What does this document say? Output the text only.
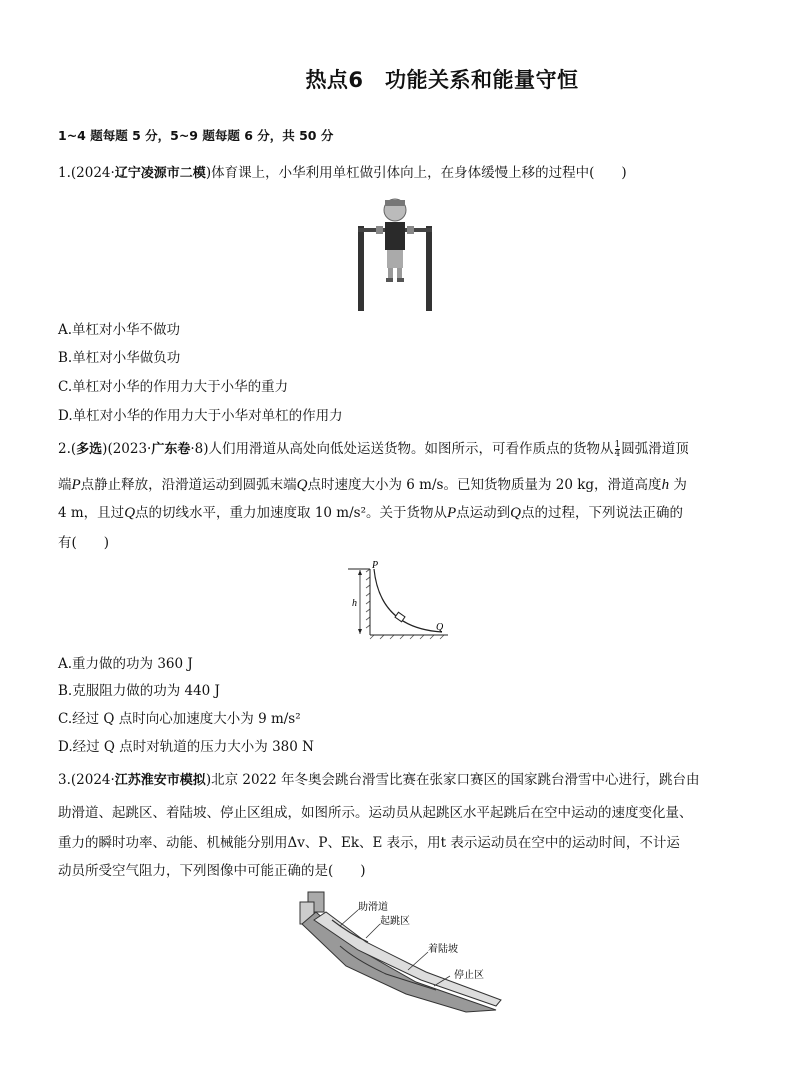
热点6　功能关系和能量守恒
1~4 题每题 5 分，5~9 题每题 6 分，共 50 分
1.(2024·辽宁凌源市二模)体育课上，小华利用单杠做引体向上，在身体缓慢上移的过程中(　　)
A.单杠对小华不做功
B.单杠对小华做负功
C.单杠对小华的作用力大于小华的重力
D.单杠对小华的作用力大于小华对单杠的作用力
2.(多选)(2023·广东卷·8)人们用滑道从高处向低处运送货物。如图所示，可看作质点的货物从 $\frac{1}{4}$ 圆弧滑道顶
端P点静止释放，沿滑道运动到圆弧末端Q点时速度大小为 6 m/s。已知货物质量为 20 kg，滑道高度h 为
4 m，且过Q点的切线水平，重力加速度取 10 m/s²。关于货物从P点运动到Q点的过程，下列说法正确的
有(　　)
P
h
Q
A.重力做的功为 360 J
B.克服阻力做的功为 440 J
C.经过 Q 点时向心加速度大小为 9 m/s²
D.经过 Q 点时对轨道的压力大小为 380 N
3.(2024·江苏淮安市模拟)北京 2022 年冬奥会跳台滑雪比赛在张家口赛区的国家跳台滑雪中心进行，跳台由
助滑道、起跳区、着陆坡、停止区组成，如图所示。运动员从起跳区水平起跳后在空中运动的速度变化量、
重力的瞬时功率、动能、机械能分别用Δv、P、Ek、E 表示，用t 表示运动员在空中的运动时间，不计运
动员所受空气阻力，下列图像中可能正确的是(　　)
助滑道
起跳区
着陆坡
停止区
